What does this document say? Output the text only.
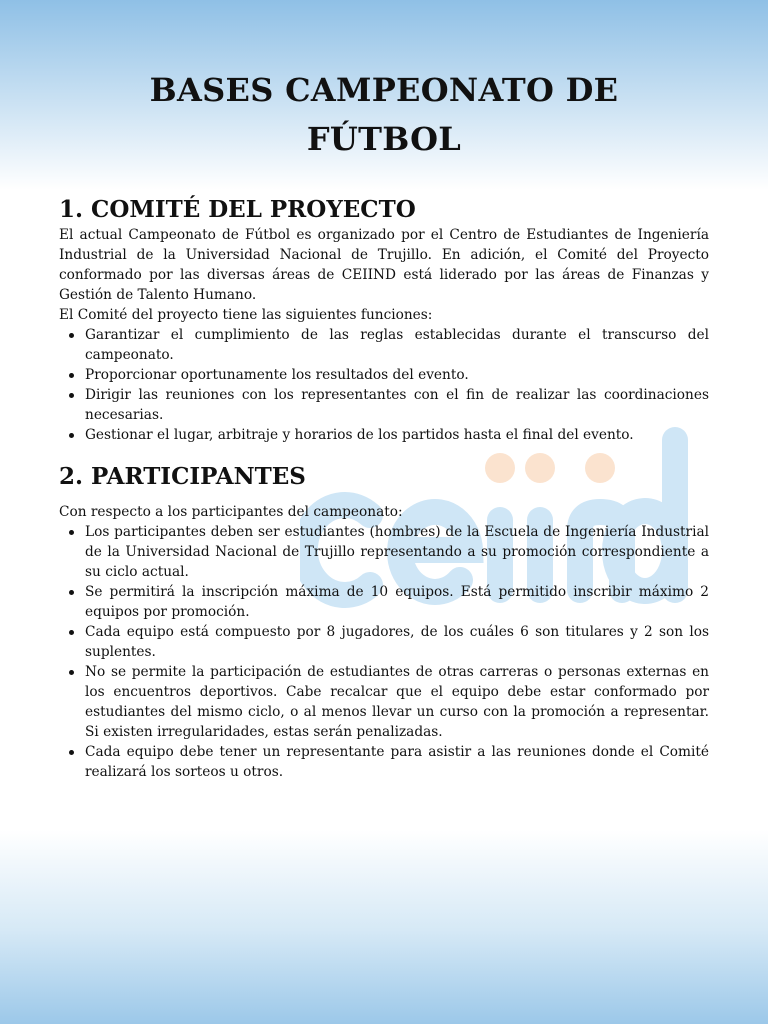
BASES CAMPEONATO DE
FÚTBOL
1. COMITÉ DEL PROYECTO

El actual Campeonato de Fútbol es organizado por el Centro de Estudiantes de Ingeniería Industrial de la Universidad Nacional de Trujillo. En adición, el Comité del Proyecto conformado por las diversas áreas de CEIIND está liderado por las áreas de Finanzas y Gestión de Talento Humano.

El Comité del proyecto tiene las siguientes funciones:

Garantizar el cumplimiento de las reglas establecidas durante el transcurso del campeonato.
Proporcionar oportunamente los resultados del evento.
Dirigir las reuniones con los representantes con el fin de realizar las coordinaciones necesarias.
Gestionar el lugar, arbitraje y horarios de los partidos hasta el final del evento.
2. PARTICIPANTES

Con respecto a los participantes del campeonato:

Los participantes deben ser estudiantes (hombres) de la Escuela de Ingeniería Industrial de la Universidad Nacional de Trujillo representando a su promoción correspondiente a su ciclo actual.
Se permitirá la inscripción máxima de 10 equipos. Está permitido inscribir máximo 2 equipos por promoción.
Cada equipo está compuesto por 8 jugadores, de los cuáles 6 son titulares y 2 son los suplentes.
No se permite la participación de estudiantes de otras carreras o personas externas en los encuentros deportivos. Cabe recalcar que el equipo debe estar conformado por estudiantes del mismo ciclo, o al menos llevar un curso con la promoción a representar. Si existen irregularidades, estas serán penalizadas.
Cada equipo debe tener un representante para asistir a las reuniones donde el Comité realizará los sorteos u otros.
